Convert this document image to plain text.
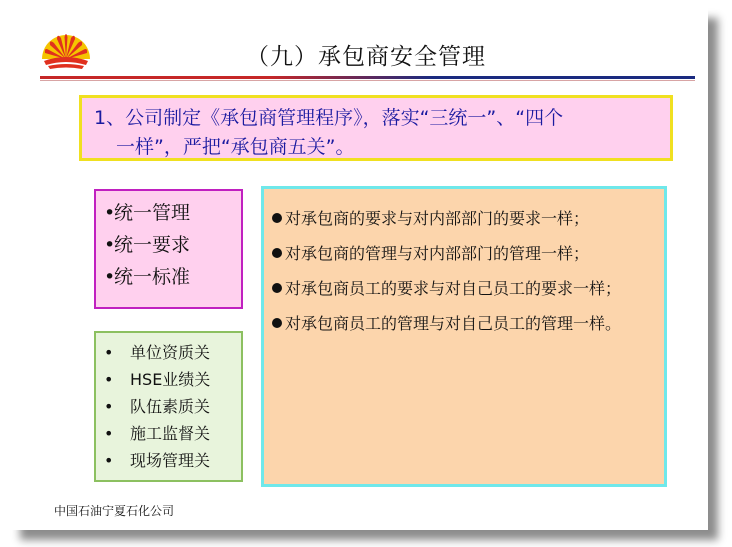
（九）承包商安全管理
1、公司制定《承包商管理程序》，落实“三统一”、“四个
一样”，严把“承包商五关”。
•统一管理
•统一要求
•统一标准
• 单位资质关
• HSE业绩关
• 队伍素质关
• 施工监督关
• 现场管理关
对承包商的要求与对内部部门的要求一样；
对承包商的管理与对内部部门的管理一样；
对承包商员工的要求与对自己员工的要求一样；
对承包商员工的管理与对自己员工的管理一样。
中国石油宁夏石化公司
